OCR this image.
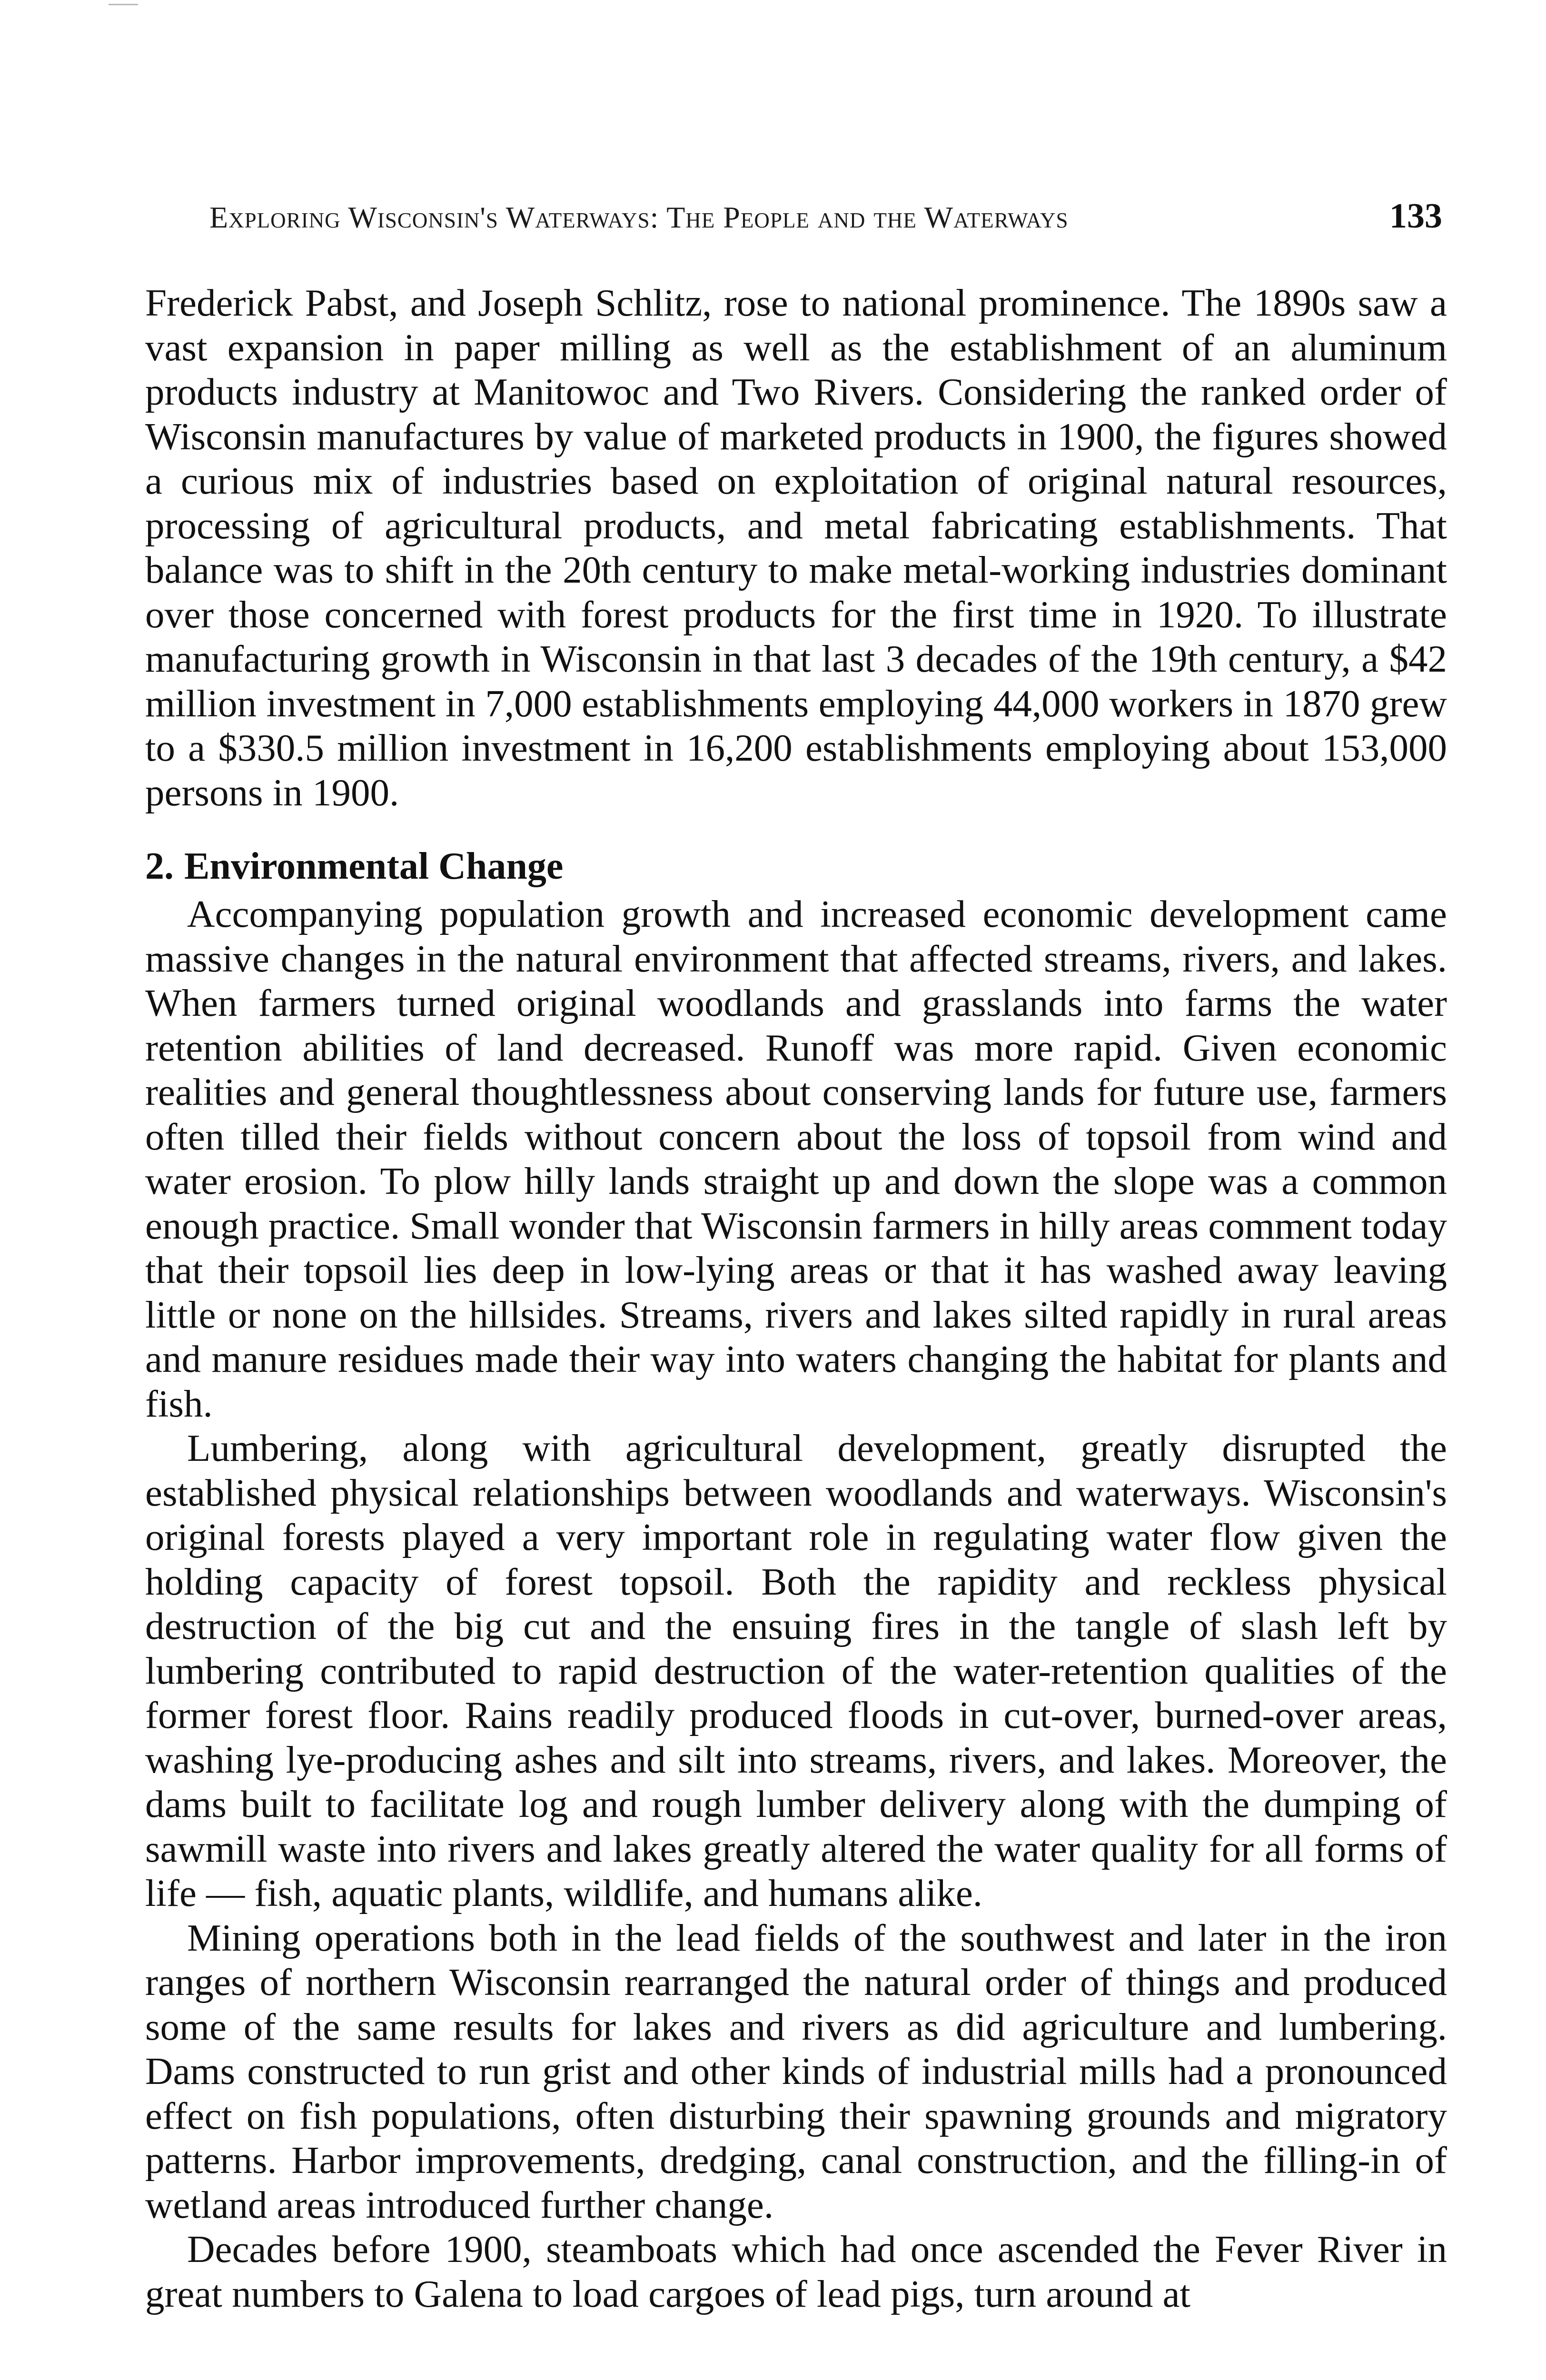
Exploring Wisconsin's Waterways: The People and the Waterways	133

Frederick Pabst, and Joseph Schlitz, rose to national prominence. The 1890s saw a vast expansion in paper milling as well as the establishment of an aluminum products industry at Manitowoc and Two Rivers. Considering the ranked order of Wisconsin manufactures by value of marketed products in 1900, the figures showed a curious mix of industries based on exploitation of original natural resources, processing of agricultural products, and metal fabricating establishments. That balance was to shift in the 20th century to make metal-working industries dominant over those concerned with forest products for the first time in 1920. To illustrate manufacturing growth in Wisconsin in that last 3 decades of the 19th century, a $42 million investment in 7,000 establishments employing 44,000 workers in 1870 grew to a $330.5 million investment in 16,200 establishments employing about 153,000 persons in 1900.

2. Environmental Change

Accompanying population growth and increased economic development came massive changes in the natural environment that affected streams, rivers, and lakes. When farmers turned original woodlands and grasslands into farms the water retention abilities of land decreased. Runoff was more rapid. Given economic realities and general thoughtlessness about conserving lands for future use, farmers often tilled their fields without concern about the loss of topsoil from wind and water erosion. To plow hilly lands straight up and down the slope was a common enough practice. Small wonder that Wisconsin farmers in hilly areas comment today that their topsoil lies deep in low-lying areas or that it has washed away leaving little or none on the hillsides. Streams, rivers and lakes silted rapidly in rural areas and manure residues made their way into waters changing the habitat for plants and fish.

Lumbering, along with agricultural development, greatly disrupted the established physical relationships between woodlands and waterways. Wisconsin's original forests played a very important role in regulating water flow given the holding capacity of forest topsoil. Both the rapidity and reckless physical destruction of the big cut and the ensuing fires in the tangle of slash left by lumbering contributed to rapid destruction of the water-retention qualities of the former forest floor. Rains readily produced floods in cut-over, burned-over areas, washing lye-producing ashes and silt into streams, rivers, and lakes. Moreover, the dams built to facilitate log and rough lumber delivery along with the dumping of sawmill waste into rivers and lakes greatly altered the water quality for all forms of life — fish, aquatic plants, wildlife, and humans alike.

Mining operations both in the lead fields of the southwest and later in the iron ranges of northern Wisconsin rearranged the natural order of things and produced some of the same results for lakes and rivers as did agriculture and lumbering. Dams constructed to run grist and other kinds of industrial mills had a pronounced effect on fish populations, often disturbing their spawning grounds and migratory patterns. Harbor improvements, dredging, canal construction, and the filling-in of wetland areas introduced further change.

Decades before 1900, steamboats which had once ascended the Fever River in great numbers to Galena to load cargoes of lead pigs, turn around at
